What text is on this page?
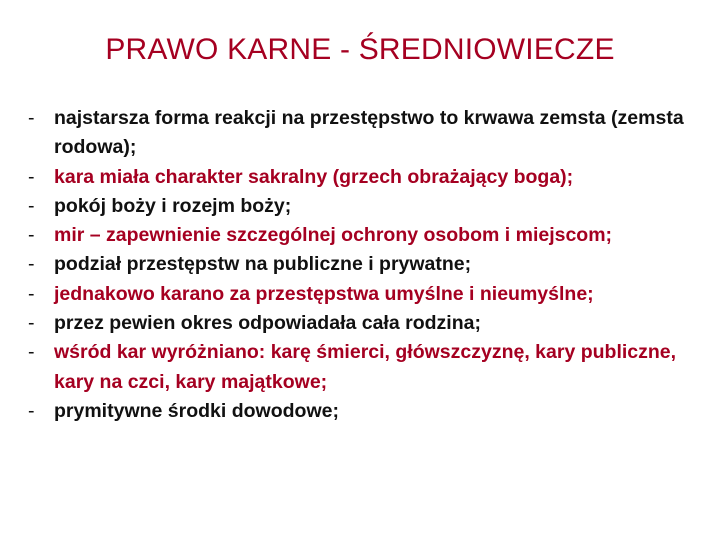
PRAWO KARNE - ŚREDNIOWIECZE
-	najstarsza forma reakcji na przestępstwo to krwawa zemsta (zemsta rodowa);
-	kara miała charakter sakralny (grzech obrażający boga);
-	pokój boży i rozejm boży;
-	mir – zapewnienie szczególnej ochrony osobom i miejscom;
-	podział przestępstw na publiczne i prywatne;
-	jednakowo karano za przestępstwa umyślne i nieumyślne;
-	przez pewien okres odpowiadała cała rodzina;
-	wśród kar wyróżniano: karę śmierci, główszczyznę, kary publiczne, kary na czci, kary majątkowe;
-	prymitywne środki dowodowe;
